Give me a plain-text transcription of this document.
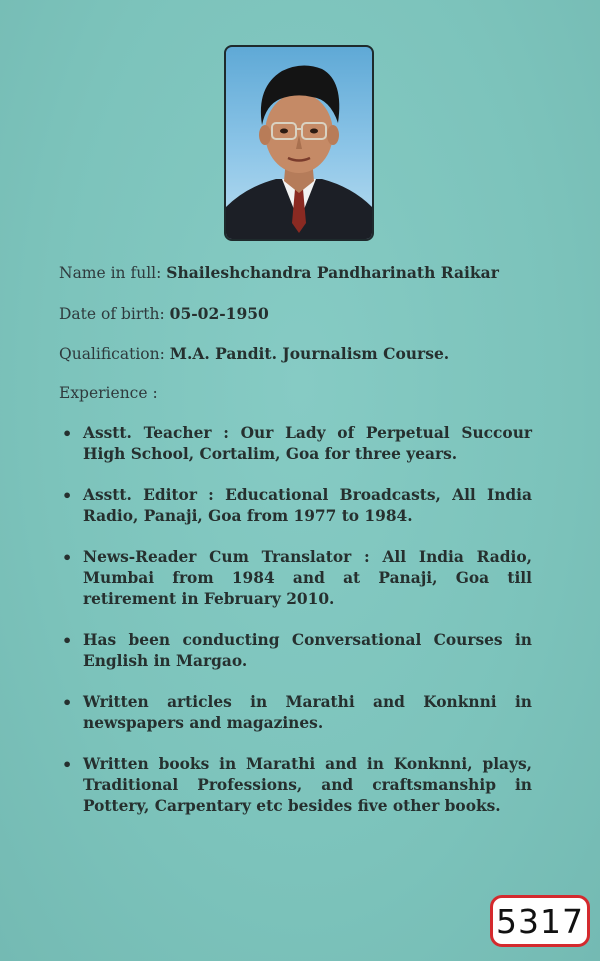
Name in full: Shaileshchandra Pandharinath Raikar
Date of birth: 05-02-1950
Qualification: M.A. Pandit. Journalism Course.
Experience :
• Asstt. Teacher : Our Lady of Perpetual Succour High School, Cortalim, Goa for three years.
• Asstt. Editor : Educational Broadcasts, All India Radio, Panaji, Goa from 1977 to 1984.
• News-Reader Cum Translator : All India Radio, Mumbai from 1984 and at Panaji, Goa till retirement in February 2010.
• Has been conducting Conversational Courses in English in Margao.
• Written articles in Marathi and Konknni in newspapers and magazines.
• Written books in Marathi and in Konknni, plays, Traditional Professions, and craftsmanship in Pottery, Carpentary etc besides five other books.
5317
